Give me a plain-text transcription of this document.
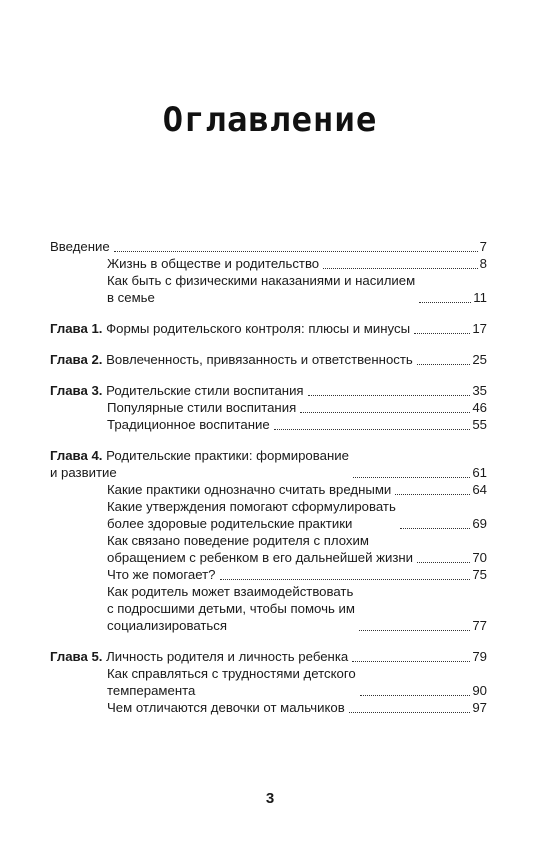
Оглавление
Введение	7
Жизнь в обществе и родительство	8
Как быть с физическими наказаниями и насилием
в семье	11
Глава 1. Формы родительского контроля: плюсы и минусы	17
Глава 2. Вовлеченность, привязанность и ответственность	25
Глава 3. Родительские стили воспитания	35
Популярные стили воспитания	46
Традиционное воспитание	55
Глава 4. Родительские практики: формирование
и развитие	61
Какие практики однозначно считать вредными	64
Какие утверждения помогают сформулировать
более здоровые родительские практики	69
Как связано поведение родителя с плохим
обращением с ребенком в его дальнейшей жизни	70
Что же помогает?	75
Как родитель может взаимодействовать
с подросшими детьми, чтобы помочь им
социализироваться	77
Глава 5. Личность родителя и личность ребенка	79
Как справляться с трудностями детского
темперамента	90
Чем отличаются девочки от мальчиков	97
3
